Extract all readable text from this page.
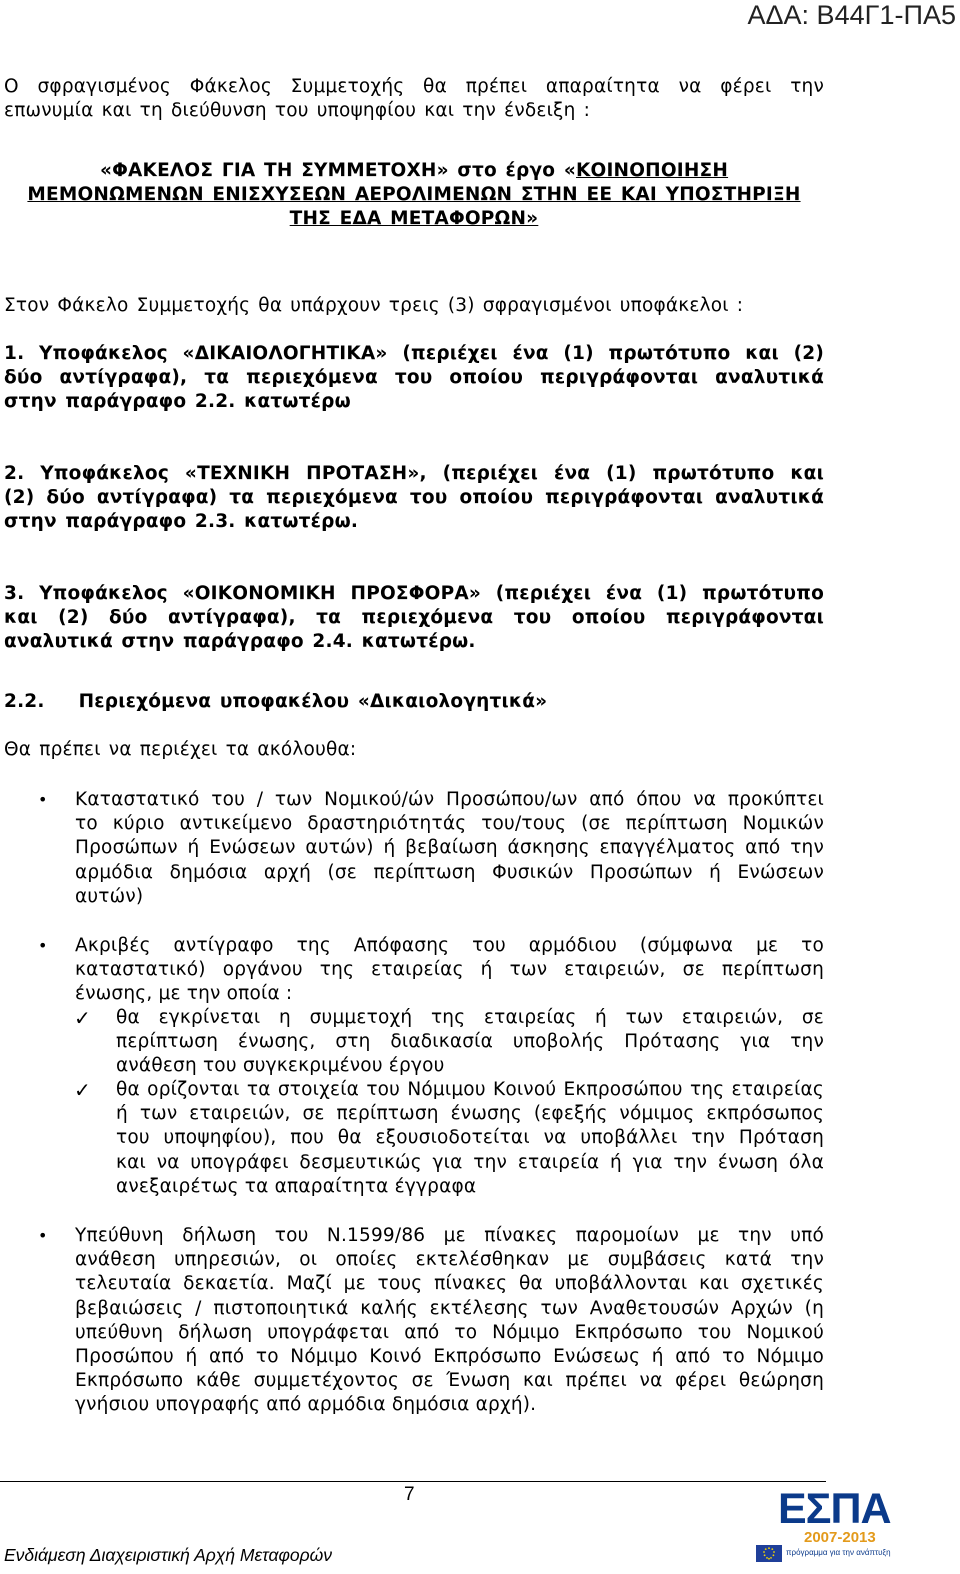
ΑΔΑ: Β44Γ1-ΠΑ5
Ο σφραγισμένος Φάκελος Συμμετοχής θα πρέπει απαραίτητα να φέρει την
επωνυμία και τη διεύθυνση του υποψηφίου και την ένδειξη :
«ΦΑΚΕΛΟΣ ΓΙΑ ΤΗ ΣΥΜΜΕΤΟΧΗ» στο έργο «ΚΟΙΝΟΠΟΙΗΣΗ
ΜΕΜΟΝΩΜΕΝΩΝ ΕΝΙΣΧΥΣΕΩΝ ΑΕΡΟΛΙΜΕΝΩΝ ΣΤΗΝ ΕΕ ΚΑΙ ΥΠΟΣΤΗΡΙΞΗ
ΤΗΣ ΕΔΑ ΜΕΤΑΦΟΡΩΝ»
Στον Φάκελο Συμμετοχής θα υπάρχουν τρεις (3) σφραγισμένοι υποφάκελοι :
1. Υποφάκελος «ΔΙΚΑΙΟΛΟΓΗΤΙΚΑ» (περιέχει ένα (1) πρωτότυπο και (2)
δύο αντίγραφα), τα περιεχόμενα του οποίου περιγράφονται αναλυτικά
στην παράγραφο 2.2. κατωτέρω
2. Υποφάκελος «ΤΕΧΝΙΚΗ ΠΡΟΤΑΣΗ», (περιέχει ένα (1) πρωτότυπο και
(2) δύο αντίγραφα) τα περιεχόμενα του οποίου περιγράφονται αναλυτικά
στην παράγραφο 2.3. κατωτέρω.
3. Υποφάκελος «ΟΙΚΟΝΟΜΙΚΗ ΠΡΟΣΦΟΡΑ» (περιέχει ένα (1) πρωτότυπο
και (2) δύο αντίγραφα), τα περιεχόμενα του οποίου περιγράφονται
αναλυτικά στην παράγραφο 2.4. κατωτέρω.
2.2. Περιεχόμενα υποφακέλου «Δικαιολογητικά»
Θα πρέπει να περιέχει τα ακόλουθα:
• Καταστατικό του / των Νομικού/ών Προσώπου/ων από όπου να προκύπτει
το κύριο αντικείμενο δραστηριότητάς του/τους (σε περίπτωση Νομικών
Προσώπων ή Ενώσεων αυτών) ή βεβαίωση άσκησης επαγγέλματος από την
αρμόδια δημόσια αρχή (σε περίπτωση Φυσικών Προσώπων ή Ενώσεων
αυτών)
• Ακριβές αντίγραφο της Απόφασης του αρμόδιου (σύμφωνα με το
καταστατικό) οργάνου της εταιρείας ή των εταιρειών, σε περίπτωση
ένωσης, με την οποία :
✓ θα εγκρίνεται η συμμετοχή της εταιρείας ή των εταιρειών, σε
περίπτωση ένωσης, στη διαδικασία υποβολής Πρότασης για την
ανάθεση του συγκεκριμένου έργου
✓ θα ορίζονται τα στοιχεία του Νόμιμου Κοινού Εκπροσώπου της εταιρείας
ή των εταιρειών, σε περίπτωση ένωσης (εφεξής νόμιμος εκπρόσωπος
του υποψηφίου), που θα εξουσιοδοτείται να υποβάλλει την Πρόταση
και να υπογράφει δεσμευτικώς για την εταιρεία ή για την ένωση όλα
ανεξαιρέτως τα απαραίτητα έγγραφα
• Υπεύθυνη δήλωση του Ν.1599/86 με πίνακες παρομοίων με την υπό
ανάθεση υπηρεσιών, οι οποίες εκτελέσθηκαν με συμβάσεις κατά την
τελευταία δεκαετία. Μαζί με τους πίνακες θα υποβάλλονται και σχετικές
βεβαιώσεις / πιστοποιητικά καλής εκτέλεσης των Αναθετουσών Αρχών (η
υπεύθυνη δήλωση υπογράφεται από το Νόμιμο Εκπρόσωπο του Νομικού
Προσώπου ή από το Νόμιμο Κοινό Εκπρόσωπο Ενώσεως ή από το Νόμιμο
Εκπρόσωπο κάθε συμμετέχοντος σε Ένωση και πρέπει να φέρει θεώρηση
γνήσιου υπογραφής από αρμόδια δημόσια αρχή).
7
Ενδιάμεση Διαχειριστική Αρχή Μεταφορών
ΕΣΠΑ
2007-2013
πρόγραμμα για την ανάπτυξη
